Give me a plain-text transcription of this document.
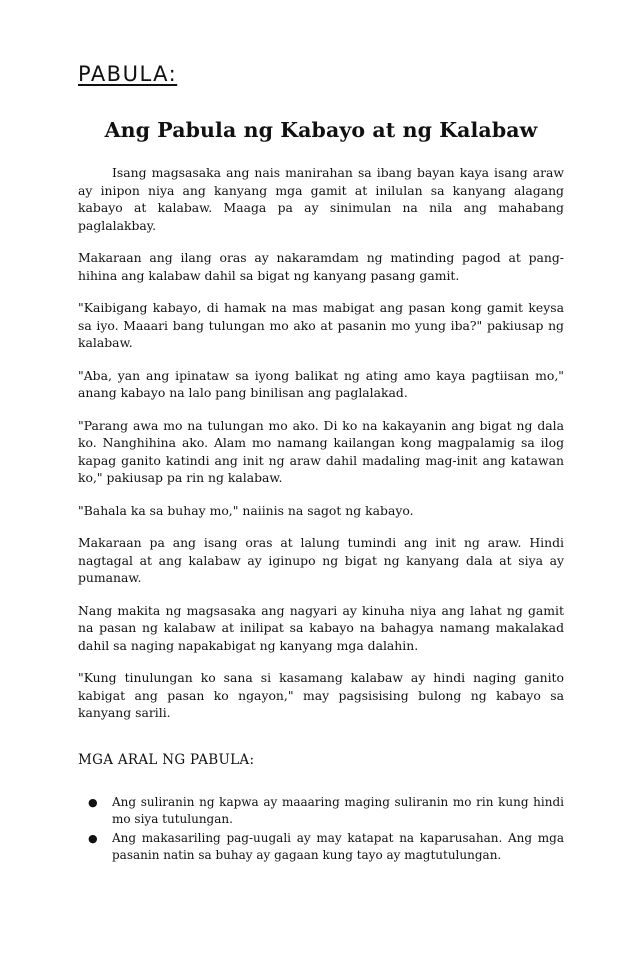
PABULA:
Ang Pabula ng Kabayo at ng Kalabaw

Isang magsasaka ang nais manirahan sa ibang bayan kaya isang araw ay inipon niya ang kanyang mga gamit at inilulan sa kanyang alagang kabayo at kalabaw. Maaga pa ay sinimulan na nila ang mahabang paglalakbay.

Makaraan ang ilang oras ay nakaramdam ng matinding pagod at pang- hihina ang kalabaw dahil sa bigat ng kanyang pasang gamit.

"Kaibigang kabayo, di hamak na mas mabigat ang pasan kong gamit keysa sa iyo. Maaari bang tulungan mo ako at pasanin mo yung iba?" pakiusap ng kalabaw.

"Aba, yan ang ipinataw sa iyong balikat ng ating amo kaya pagtiisan mo," anang kabayo na lalo pang binilisan ang paglalakad.

"Parang awa mo na tulungan mo ako. Di ko na kakayanin ang bigat ng dala ko. Nanghihina ako. Alam mo namang kailangan kong magpalamig sa ilog kapag ganito katindi ang init ng araw dahil madaling mag-init ang katawan ko," pakiusap pa rin ng kalabaw.

"Bahala ka sa buhay mo," naiinis na sagot ng kabayo.

Makaraan pa ang isang oras at lalung tumindi ang init ng araw. Hindi nagtagal at ang kalabaw ay iginupo ng bigat ng kanyang dala at siya ay pumanaw.

Nang makita ng magsasaka ang nagyari ay kinuha niya ang lahat ng gamit na pasan ng kalabaw at inilipat sa kabayo na bahagya namang makalakad dahil sa naging napakabigat ng kanyang mga dalahin.

"Kung tinulungan ko sana si kasamang kalabaw ay hindi naging ganito kabigat ang pasan ko ngayon," may pagsisising bulong ng kabayo sa kanyang sarili.

MGA ARAL NG PABULA:
● Ang suliranin ng kapwa ay maaaring maging suliranin mo rin kung hindi mo siya tutulungan.
● Ang makasariling pag-uugali ay may katapat na kaparusahan. Ang mga pasanin natin sa buhay ay gagaan kung tayo ay magtutulungan.
